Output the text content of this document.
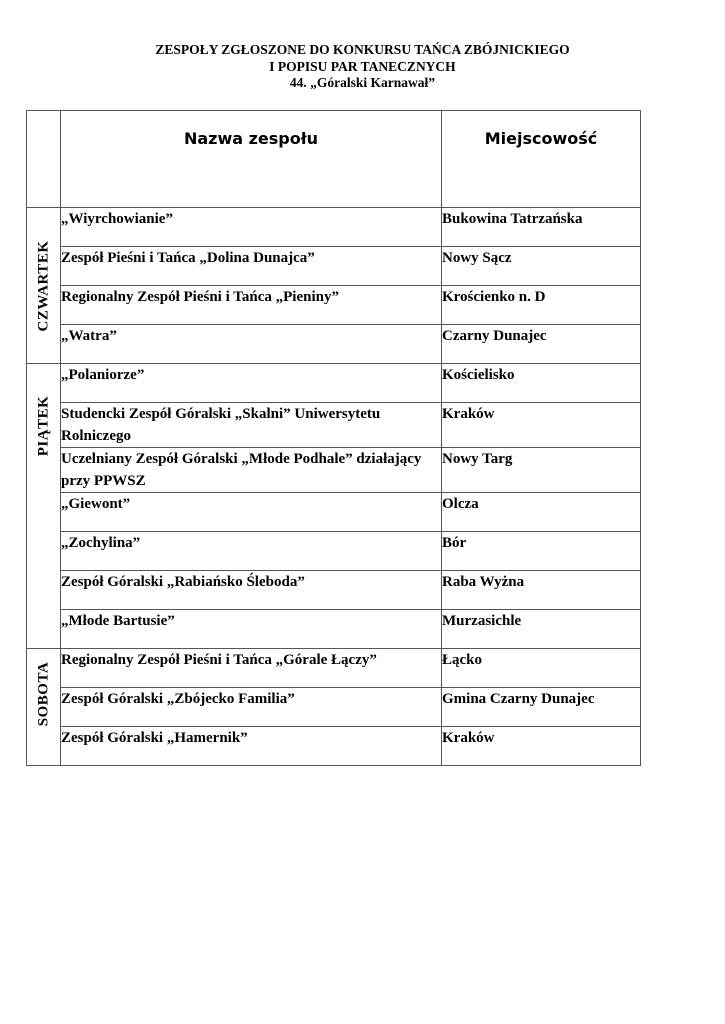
ZESPOŁY ZGŁOSZONE DO KONKURSU TAŃCA ZBÓJNICKIEGO
I POPISU PAR TANECZNYCH
44. „Góralski Karnawał”
	Nazwa zespołu	Miejscowość

CZWARTEK	„Wiyrchowianie”	Bukowina Tatrzańska
	Zespół Pieśni i Tańca „Dolina Dunajca”	Nowy Sącz
	Regionalny Zespół Pieśni i Tańca „Pieniny”	Krościenko n. D
	„Watra”	Czarny Dunajec

PIĄTEK	„Polaniorze”	Kościelisko
	Studencki Zespół Góralski „Skalni” Uniwersytetu Rolniczego	Kraków
	Uczelniany Zespół Góralski „Młode Podhale” działający przy PPWSZ	Nowy Targ
	„Giewont”	Olcza
	„Zochylina”	Bór
	Zespół Góralski „Rabiańsko Śleboda”	Raba Wyżna
	„Młode Bartusie”	Murzasichle

SOBOTA	Regionalny Zespół Pieśni i Tańca „Górale Łączy”	Łącko
	Zespół Góralski „Zbójecko Familia”	Gmina Czarny Dunajec
	Zespół Góralski „Hamernik”	Kraków
